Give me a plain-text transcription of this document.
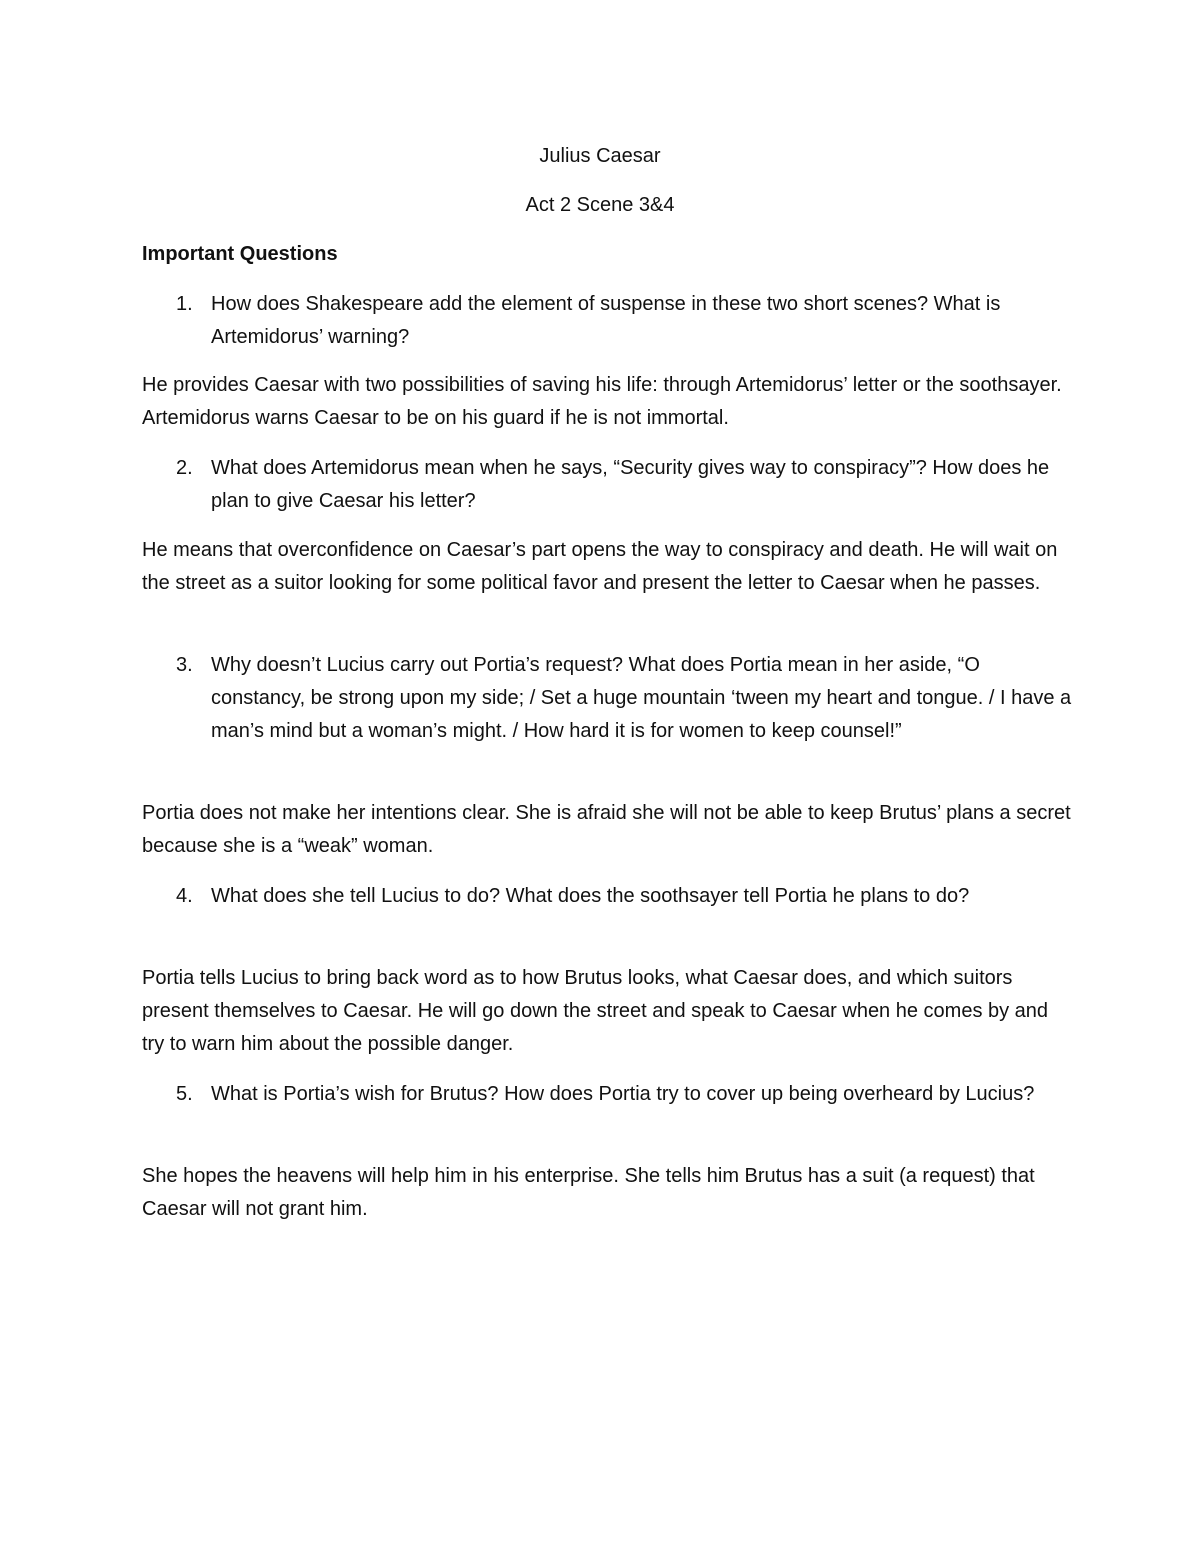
Julius Caesar
Act 2 Scene 3&4
Important Questions
1. How does Shakespeare add the element of suspense in these two short scenes? What is Artemidorus’ warning?

He provides Caesar with two possibilities of saving his life: through Artemidorus’ letter or the soothsayer. Artemidorus warns Caesar to be on his guard if he is not immortal.

2. What does Artemidorus mean when he says, “Security gives way to conspiracy”? How does he plan to give Caesar his letter?

He means that overconfidence on Caesar’s part opens the way to conspiracy and death. He will wait on the street as a suitor looking for some political favor and present the letter to Caesar when he passes.

3. Why doesn’t Lucius carry out Portia’s request? What does Portia mean in her aside, “O constancy, be strong upon my side; / Set a huge mountain ‘tween my heart and tongue. / I have a man’s mind but a woman’s might. / How hard it is for women to keep counsel!”

Portia does not make her intentions clear. She is afraid she will not be able to keep Brutus’ plans a secret because she is a “weak” woman.

4. What does she tell Lucius to do? What does the soothsayer tell Portia he plans to do?

Portia tells Lucius to bring back word as to how Brutus looks, what Caesar does, and which suitors present themselves to Caesar. He will go down the street and speak to Caesar when he comes by and try to warn him about the possible danger.

5. What is Portia’s wish for Brutus? How does Portia try to cover up being overheard by Lucius?

She hopes the heavens will help him in his enterprise. She tells him Brutus has a suit (a request) that Caesar will not grant him.
